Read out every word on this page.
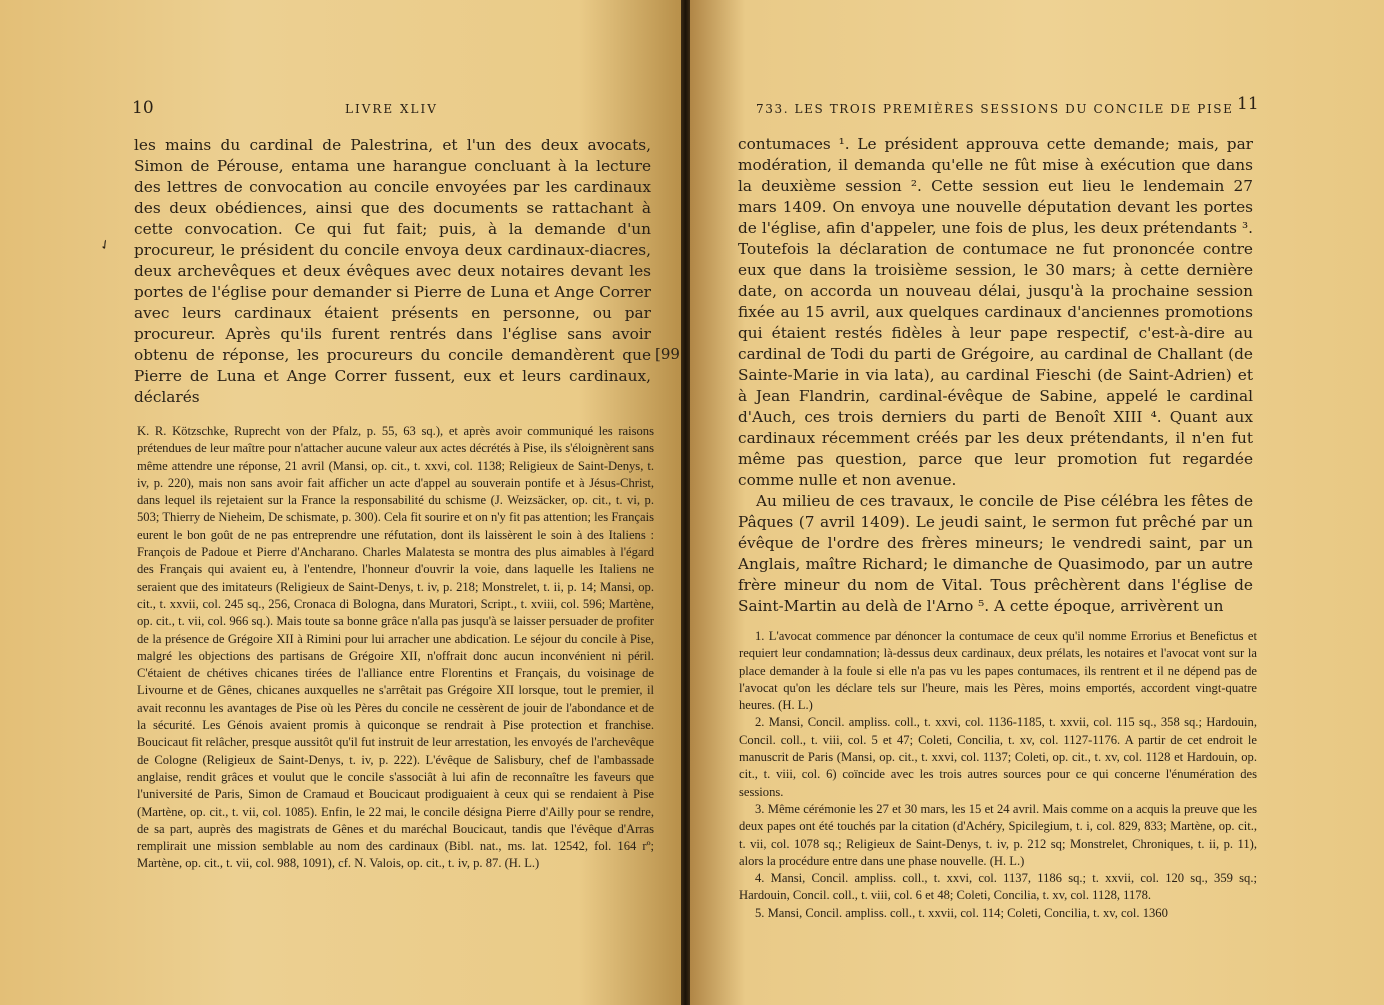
10	LIVRE XLIV

les mains du cardinal de Palestrina, et l'un des deux avocats, Simon de Pérouse, entama une harangue concluant à la lecture des lettres de convocation au concile envoyées par les cardinaux des deux obédiences, ainsi que des documents se rattachant à cette convocation. Ce qui fut fait; puis, à la demande d'un procureur, le président du concile envoya deux cardinaux-diacres, deux archevêques et deux évêques avec deux notaires devant les portes de l'église pour demander si Pierre de Luna et Ange Correr avec leurs cardinaux étaient présents en personne, ou par procureur. Après qu'ils furent rentrés dans l'église sans avoir obtenu de réponse, les procureurs du concile demandèrent que Pierre de Luna et Ange Correr fussent, eux et leurs cardinaux, déclarés

✓
[99

K. R. Kötzschke, Ruprecht von der Pfalz, p. 55, 63 sq.), et après avoir communiqué les raisons prétendues de leur maître pour n'attacher aucune valeur aux actes décrétés à Pise, ils s'éloignèrent sans même attendre une réponse, 21 avril (Mansi, op. cit., t. xxvi, col. 1138; Religieux de Saint-Denys, t. iv, p. 220), mais non sans avoir fait afficher un acte d'appel au souverain pontife et à Jésus-Christ, dans lequel ils rejetaient sur la France la responsabilité du schisme (J. Weizsäcker, op. cit., t. vi, p. 503; Thierry de Nieheim, De schismate, p. 300). Cela fit sourire et on n'y fit pas attention; les Français eurent le bon goût de ne pas entreprendre une réfutation, dont ils laissèrent le soin à des Italiens : François de Padoue et Pierre d'Ancharano. Charles Malatesta se montra des plus aimables à l'égard des Français qui avaient eu, à l'entendre, l'honneur d'ouvrir la voie, dans laquelle les Italiens ne seraient que des imitateurs (Religieux de Saint-Denys, t. iv, p. 218; Monstrelet, t. ii, p. 14; Mansi, op. cit., t. xxvii, col. 245 sq., 256, Cronaca di Bologna, dans Muratori, Script., t. xviii, col. 596; Martène, op. cit., t. vii, col. 966 sq.). Mais toute sa bonne grâce n'alla pas jusqu'à se laisser persuader de profiter de la présence de Grégoire XII à Rimini pour lui arracher une abdication. Le séjour du concile à Pise, malgré les objections des partisans de Grégoire XII, n'offrait donc aucun inconvénient ni péril. C'étaient de chétives chicanes tirées de l'alliance entre Florentins et Français, du voisinage de Livourne et de Gênes, chicanes auxquelles ne s'arrêtait pas Grégoire XII lorsque, tout le premier, il avait reconnu les avantages de Pise où les Pères du concile ne cessèrent de jouir de l'abondance et de la sécurité. Les Génois avaient promis à quiconque se rendrait à Pise protection et franchise. Boucicaut fit relâcher, presque aussitôt qu'il fut instruit de leur arrestation, les envoyés de l'archevêque de Cologne (Religieux de Saint-Denys, t. iv, p. 222). L'évêque de Salisbury, chef de l'ambassade anglaise, rendit grâces et voulut que le concile s'associât à lui afin de reconnaître les faveurs que l'université de Paris, Simon de Cramaud et Boucicaut prodiguaient à ceux qui se rendaient à Pise (Martène, op. cit., t. vii, col. 1085). Enfin, le 22 mai, le concile désigna Pierre d'Ailly pour se rendre, de sa part, auprès des magistrats de Gênes et du maréchal Boucicaut, tandis que l'évêque d'Arras remplirait une mission semblable au nom des cardinaux (Bibl. nat., ms. lat. 12542, fol. 164 rº; Martène, op. cit., t. vii, col. 988, 1091), cf. N. Valois, op. cit., t. iv, p. 87. (H. L.)

733. LES TROIS PREMIÈRES SESSIONS DU CONCILE DE PISE 11

contumaces ¹. Le président approuva cette demande; mais, par modération, il demanda qu'elle ne fût mise à exécution que dans la deuxième session ². Cette session eut lieu le lendemain 27 mars 1409. On envoya une nouvelle députation devant les portes de l'église, afin d'appeler, une fois de plus, les deux prétendants ³. Toutefois la déclaration de contumace ne fut prononcée contre eux que dans la troisième session, le 30 mars; à cette dernière date, on accorda un nouveau délai, jusqu'à la prochaine session fixée au 15 avril, aux quelques cardinaux d'anciennes promotions qui étaient restés fidèles à leur pape respectif, c'est-à-dire au cardinal de Todi du parti de Grégoire, au cardinal de Challant (de Sainte-Marie in via lata), au cardinal Fieschi (de Saint-Adrien) et à Jean Flandrin, cardinal-évêque de Sabine, appelé le cardinal d'Auch, ces trois derniers du parti de Benoît XIII ⁴. Quant aux cardinaux récemment créés par les deux prétendants, il n'en fut même pas question, parce que leur promotion fut regardée comme nulle et non avenue.

Au milieu de ces travaux, le concile de Pise célébra les fêtes de Pâques (7 avril 1409). Le jeudi saint, le sermon fut prêché par un évêque de l'ordre des frères mineurs; le vendredi saint, par un Anglais, maître Richard; le dimanche de Quasimodo, par un autre frère mineur du nom de Vital. Tous prêchèrent dans l'église de Saint-Martin au delà de l'Arno ⁵. A cette époque, arrivèrent un

1. L'avocat commence par dénoncer la contumace de ceux qu'il nomme Errorius et Benefictus et requiert leur condamnation; là-dessus deux cardinaux, deux prélats, les notaires et l'avocat vont sur la place demander à la foule si elle n'a pas vu les papes contumaces, ils rentrent et il ne dépend pas de l'avocat qu'on les déclare tels sur l'heure, mais les Pères, moins emportés, accordent vingt-quatre heures. (H. L.)

2. Mansi, Concil. ampliss. coll., t. xxvi, col. 1136-1185, t. xxvii, col. 115 sq., 358 sq.; Hardouin, Concil. coll., t. viii, col. 5 et 47; Coleti, Concilia, t. xv, col. 1127-1176. A partir de cet endroit le manuscrit de Paris (Mansi, op. cit., t. xxvi, col. 1137; Coleti, op. cit., t. xv, col. 1128 et Hardouin, op. cit., t. viii, col. 6) coïncide avec les trois autres sources pour ce qui concerne l'énumération des sessions.

3. Même cérémonie les 27 et 30 mars, les 15 et 24 avril. Mais comme on a acquis la preuve que les deux papes ont été touchés par la citation (d'Achéry, Spicilegium, t. i, col. 829, 833; Martène, op. cit., t. vii, col. 1078 sq.; Religieux de Saint-Denys, t. iv, p. 212 sq; Monstrelet, Chroniques, t. ii, p. 11), alors la procédure entre dans une phase nouvelle. (H. L.)

4. Mansi, Concil. ampliss. coll., t. xxvi, col. 1137, 1186 sq.; t. xxvii, col. 120 sq., 359 sq.; Hardouin, Concil. coll., t. viii, col. 6 et 48; Coleti, Concilia, t. xv, col. 1128, 1178.

5. Mansi, Concil. ampliss. coll., t. xxvii, col. 114; Coleti, Concilia, t. xv, col. 1360
